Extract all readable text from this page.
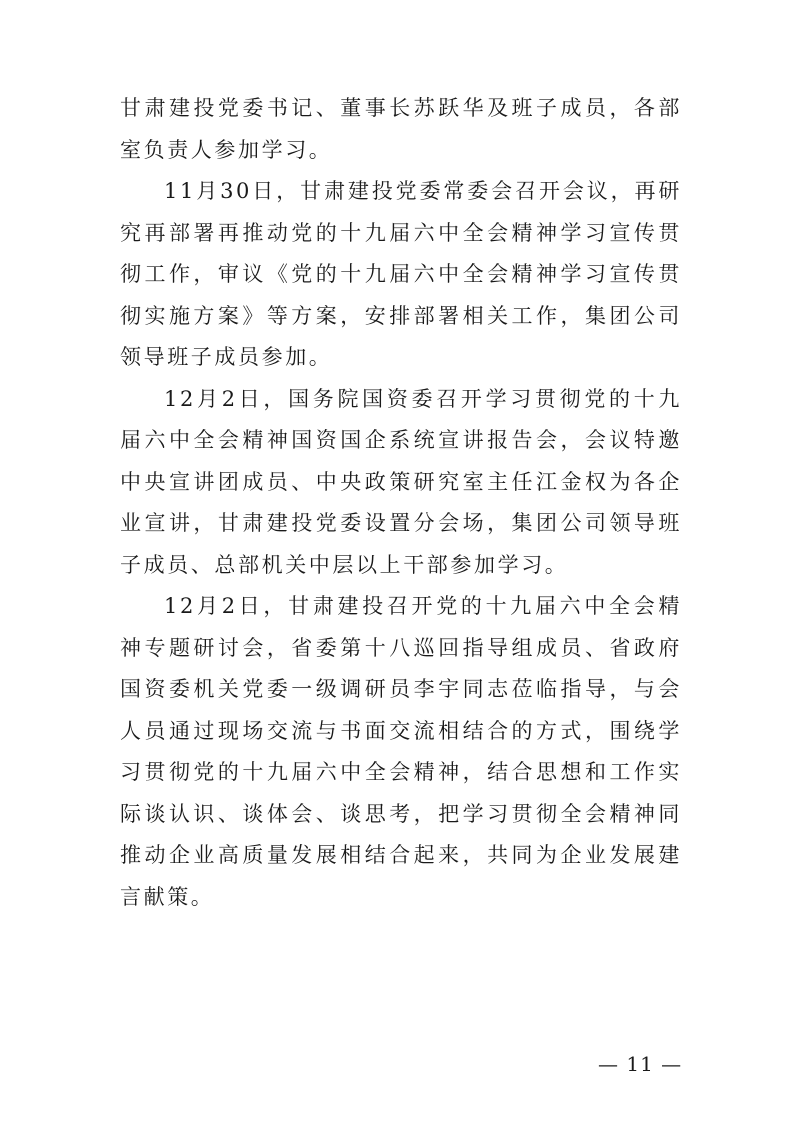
甘肃建投党委书记、董事长苏跃华及班子成员，各部室负责人参加学习。

11月30日，甘肃建投党委常委会召开会议，再研究再部署再推动党的十九届六中全会精神学习宣传贯彻工作，审议《党的十九届六中全会精神学习宣传贯彻实施方案》等方案，安排部署相关工作，集团公司领导班子成员参加。

12月2日，国务院国资委召开学习贯彻党的十九届六中全会精神国资国企系统宣讲报告会，会议特邀中央宣讲团成员、中央政策研究室主任江金权为各企业宣讲，甘肃建投党委设置分会场，集团公司领导班子成员、总部机关中层以上干部参加学习。

12月2日，甘肃建投召开党的十九届六中全会精神专题研讨会，省委第十八巡回指导组成员、省政府国资委机关党委一级调研员李宇同志莅临指导，与会人员通过现场交流与书面交流相结合的方式，围绕学习贯彻党的十九届六中全会精神，结合思想和工作实际谈认识、谈体会、谈思考，把学习贯彻全会精神同推动企业高质量发展相结合起来，共同为企业发展建言献策。

— 11 —
